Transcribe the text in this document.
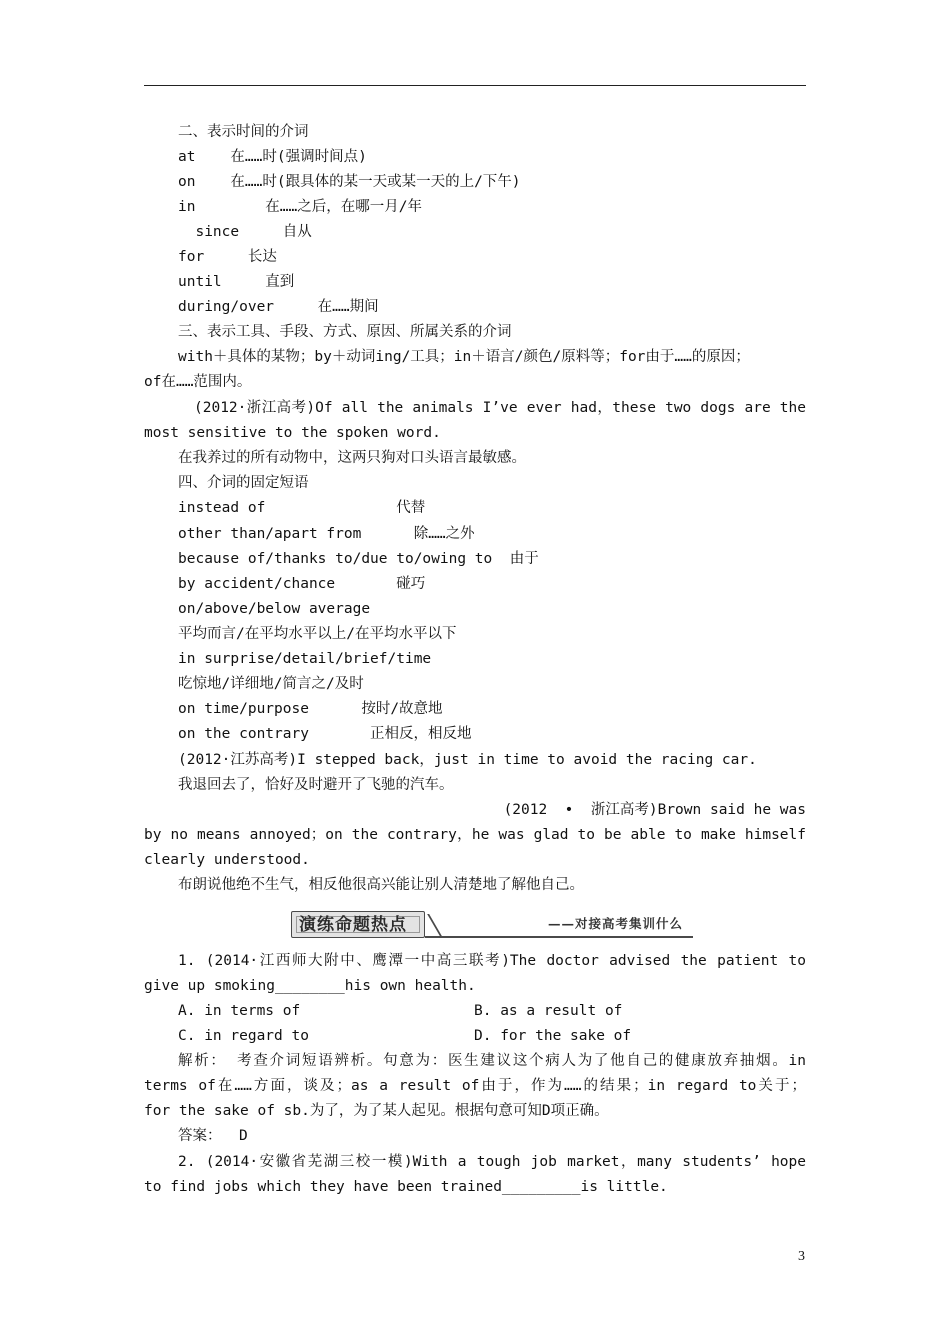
二、表示时间的介词
at    在……时(强调时间点)
on    在……时(跟具体的某一天或某一天的上/下午)
in        在……之后，在哪一月/年
since     自从
for     长达
until     直到
during/over     在……期间
三、表示工具、手段、方式、原因、所属关系的介词
with＋具体的某物；by＋动词ing/工具；in＋语言/颜色/原料等；for由于……的原因；
of在……范围内。
(2012·浙江高考)Of all the animals I’ve ever had，these two dogs are the
most sensitive to the spoken word.
在我养过的所有动物中，这两只狗对口头语言最敏感。
四、介词的固定短语
instead of               代替
other than/apart from      除……之外
because of/thanks to/due to/owing to  由于
by accident/chance       碰巧
on/above/below average
平均而言/在平均水平以上/在平均水平以下
in surprise/detail/brief/time
吃惊地/详细地/简言之/及时
on time/purpose      按时/故意地
on the contrary       正相反，相反地
(2012·江苏高考)I stepped back，just in time to avoid the racing car.
我退回去了，恰好及时避开了飞驰的汽车。
(2012  •  浙江高考)Brown said he was
by no means annoyed；on the contrary，he was glad to be able to make himself
clearly understood.
布朗说他绝不生气，相反他很高兴能让别人清楚地了解他自己。
演练命题热点	——对接高考集训什么
1. (2014·江西师大附中、鹰潭一中高三联考)The doctor advised the patient to
give up smoking________his own health.
A. in terms of	B. as a result of
C. in regard to	D. for the sake of
解析： 考查介词短语辨析。句意为：医生建议这个病人为了他自己的健康放弃抽烟。in
terms of在……方面，谈及；as a result of由于，作为……的结果；in regard to关于；
for the sake of sb.为了，为了某人起见。根据句意可知D项正确。
答案：  D
2. (2014·安徽省芜湖三校一模)With a tough job market，many students’ hope
to find jobs which they have been trained_________is little.
3
